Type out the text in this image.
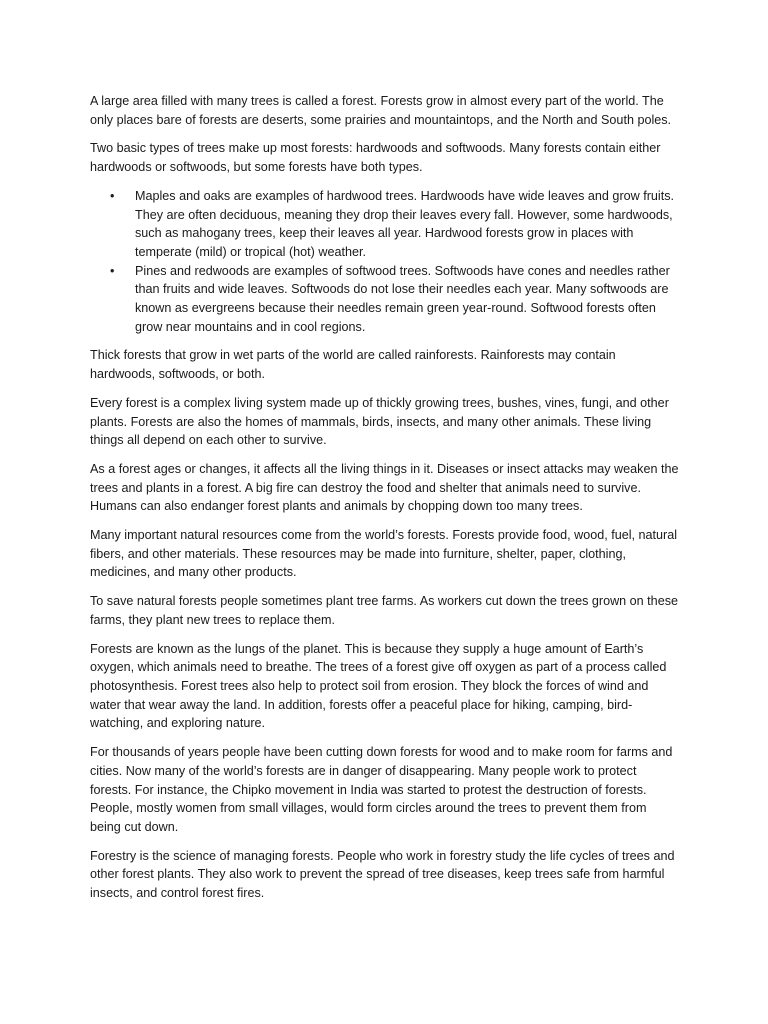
A large area filled with many trees is called a forest. Forests grow in almost every part of the world. The only places bare of forests are deserts, some prairies and mountaintops, and the North and South poles.

Two basic types of trees make up most forests: hardwoods and softwoods. Many forests contain either hardwoods or softwoods, but some forests have both types.

• Maples and oaks are examples of hardwood trees. Hardwoods have wide leaves and grow fruits. They are often deciduous, meaning they drop their leaves every fall. However, some hardwoods, such as mahogany trees, keep their leaves all year. Hardwood forests grow in places with temperate (mild) or tropical (hot) weather.
• Pines and redwoods are examples of softwood trees. Softwoods have cones and needles rather than fruits and wide leaves. Softwoods do not lose their needles each year. Many softwoods are known as evergreens because their needles remain green year-round. Softwood forests often grow near mountains and in cool regions.

Thick forests that grow in wet parts of the world are called rainforests. Rainforests may contain hardwoods, softwoods, or both.

Every forest is a complex living system made up of thickly growing trees, bushes, vines, fungi, and other plants. Forests are also the homes of mammals, birds, insects, and many other animals. These living things all depend on each other to survive.

As a forest ages or changes, it affects all the living things in it. Diseases or insect attacks may weaken the trees and plants in a forest. A big fire can destroy the food and shelter that animals need to survive. Humans can also endanger forest plants and animals by chopping down too many trees.

Many important natural resources come from the world’s forests. Forests provide food, wood, fuel, natural fibers, and other materials. These resources may be made into furniture, shelter, paper, clothing, medicines, and many other products.

To save natural forests people sometimes plant tree farms. As workers cut down the trees grown on these farms, they plant new trees to replace them.

Forests are known as the lungs of the planet. This is because they supply a huge amount of Earth’s oxygen, which animals need to breathe. The trees of a forest give off oxygen as part of a process called photosynthesis. Forest trees also help to protect soil from erosion. They block the forces of wind and water that wear away the land. In addition, forests offer a peaceful place for hiking, camping, bird-watching, and exploring nature.

For thousands of years people have been cutting down forests for wood and to make room for farms and cities. Now many of the world’s forests are in danger of disappearing. Many people work to protect forests. For instance, the Chipko movement in India was started to protest the destruction of forests. People, mostly women from small villages, would form circles around the trees to prevent them from being cut down.

Forestry is the science of managing forests. People who work in forestry study the life cycles of trees and other forest plants. They also work to prevent the spread of tree diseases, keep trees safe from harmful insects, and control forest fires.
